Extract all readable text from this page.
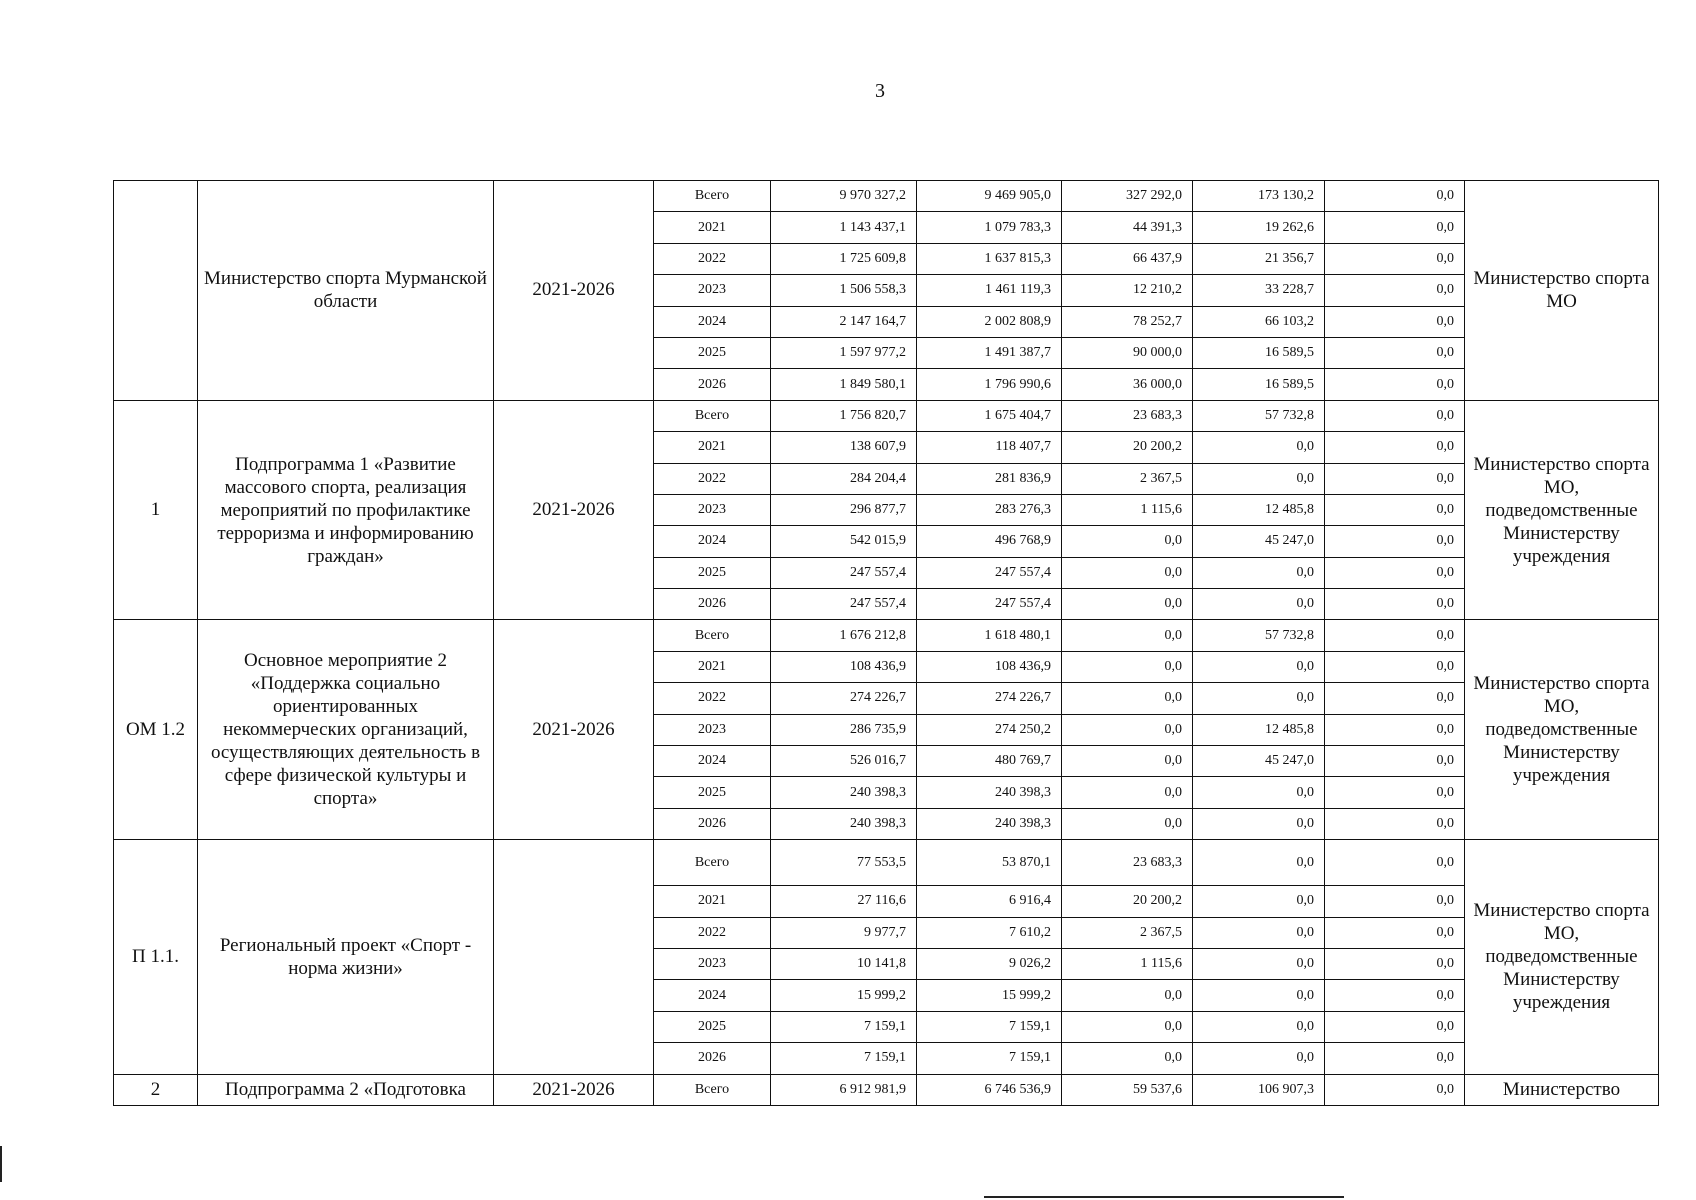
3
	Министерство спорта Мурманской области	2021-2026	Всего	9 970 327,2	9 469 905,0	327 292,0	173 130,2	0,0	Министерство спорта МО
			2021	1 143 437,1	1 079 783,3	44 391,3	19 262,6	0,0	
			2022	1 725 609,8	1 637 815,3	66 437,9	21 356,7	0,0	
			2023	1 506 558,3	1 461 119,3	12 210,2	33 228,7	0,0	
			2024	2 147 164,7	2 002 808,9	78 252,7	66 103,2	0,0	
			2025	1 597 977,2	1 491 387,7	90 000,0	16 589,5	0,0	
			2026	1 849 580,1	1 796 990,6	36 000,0	16 589,5	0,0	
1	Подпрограмма 1 «Развитие массового спорта, реализация мероприятий по профилактике терроризма и информированию граждан»	2021-2026	Всего	1 756 820,7	1 675 404,7	23 683,3	57 732,8	0,0	Министерство спорта МО, подведомственные Министерству учреждения
			2021	138 607,9	118 407,7	20 200,2	0,0	0,0	
			2022	284 204,4	281 836,9	2 367,5	0,0	0,0	
			2023	296 877,7	283 276,3	1 115,6	12 485,8	0,0	
			2024	542 015,9	496 768,9	0,0	45 247,0	0,0	
			2025	247 557,4	247 557,4	0,0	0,0	0,0	
			2026	247 557,4	247 557,4	0,0	0,0	0,0	
ОМ 1.2	Основное мероприятие 2 «Поддержка социально ориентированных некоммерческих организаций, осуществляющих деятельность в сфере физической культуры и спорта»	2021-2026	Всего	1 676 212,8	1 618 480,1	0,0	57 732,8	0,0	Министерство спорта МО, подведомственные Министерству учреждения
			2021	108 436,9	108 436,9	0,0	0,0	0,0	
			2022	274 226,7	274 226,7	0,0	0,0	0,0	
			2023	286 735,9	274 250,2	0,0	12 485,8	0,0	
			2024	526 016,7	480 769,7	0,0	45 247,0	0,0	
			2025	240 398,3	240 398,3	0,0	0,0	0,0	
			2026	240 398,3	240 398,3	0,0	0,0	0,0	
П 1.1.	Региональный проект «Спорт - норма жизни»		Всего	77 553,5	53 870,1	23 683,3	0,0	0,0	Министерство спорта МО, подведомственные Министерству учреждения
			2021	27 116,6	6 916,4	20 200,2	0,0	0,0	
			2022	9 977,7	7 610,2	2 367,5	0,0	0,0	
			2023	10 141,8	9 026,2	1 115,6	0,0	0,0	
			2024	15 999,2	15 999,2	0,0	0,0	0,0	
			2025	7 159,1	7 159,1	0,0	0,0	0,0	
			2026	7 159,1	7 159,1	0,0	0,0	0,0	
2	Подпрограмма 2 «Подготовка	2021-2026	Всего	6 912 981,9	6 746 536,9	59 537,6	106 907,3	0,0	Министерство
